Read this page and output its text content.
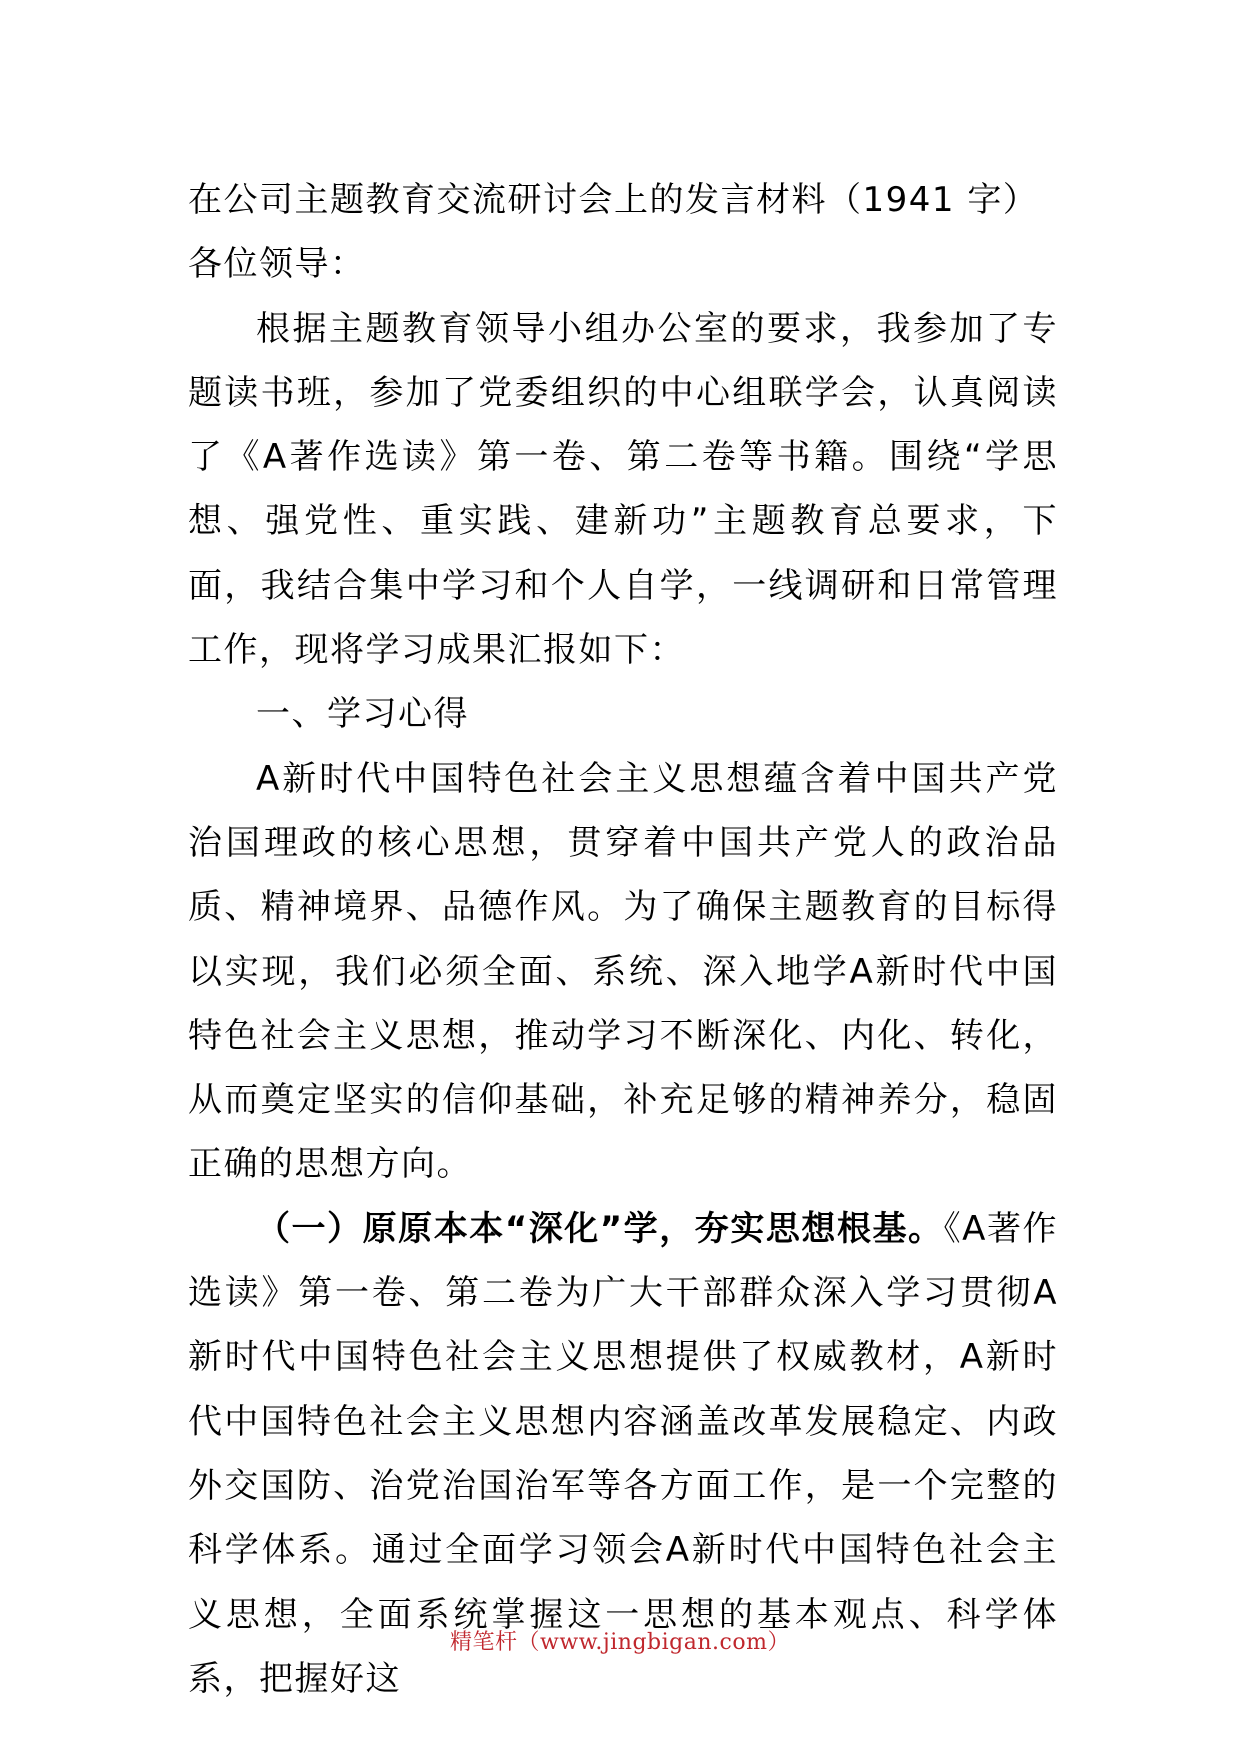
在公司主题教育交流研讨会上的发言材料（1941 字）

各位领导：

根据主题教育领导小组办公室的要求，我参加了专题读书班，参加了党委组织的中心组联学会，认真阅读了《A著作选读》第一卷、第二卷等书籍。围绕“学思想、强党性、重实践、建新功”主题教育总要求，下面，我结合集中学习和个人自学，一线调研和日常管理工作，现将学习成果汇报如下：

一、学习心得

A新时代中国特色社会主义思想蕴含着中国共产党治国理政的核心思想，贯穿着中国共产党人的政治品质、精神境界、品德作风。为了确保主题教育的目标得以实现，我们必须全面、系统、深入地学A新时代中国特色社会主义思想，推动学习不断深化、内化、转化，从而奠定坚实的信仰基础，补充足够的精神养分，稳固正确的思想方向。

（一）原原本本“深化”学，夯实思想根基。《A著作选读》第一卷、第二卷为广大干部群众深入学习贯彻A新时代中国特色社会主义思想提供了权威教材，A新时代中国特色社会主义思想内容涵盖改革发展稳定、内政外交国防、治党治国治军等各方面工作，是一个完整的科学体系。通过全面学习领会A新时代中国特色社会主义思想，全面系统掌握这一思想的基本观点、科学体系，把握好这

精笔杆（www.jingbigan.com）
